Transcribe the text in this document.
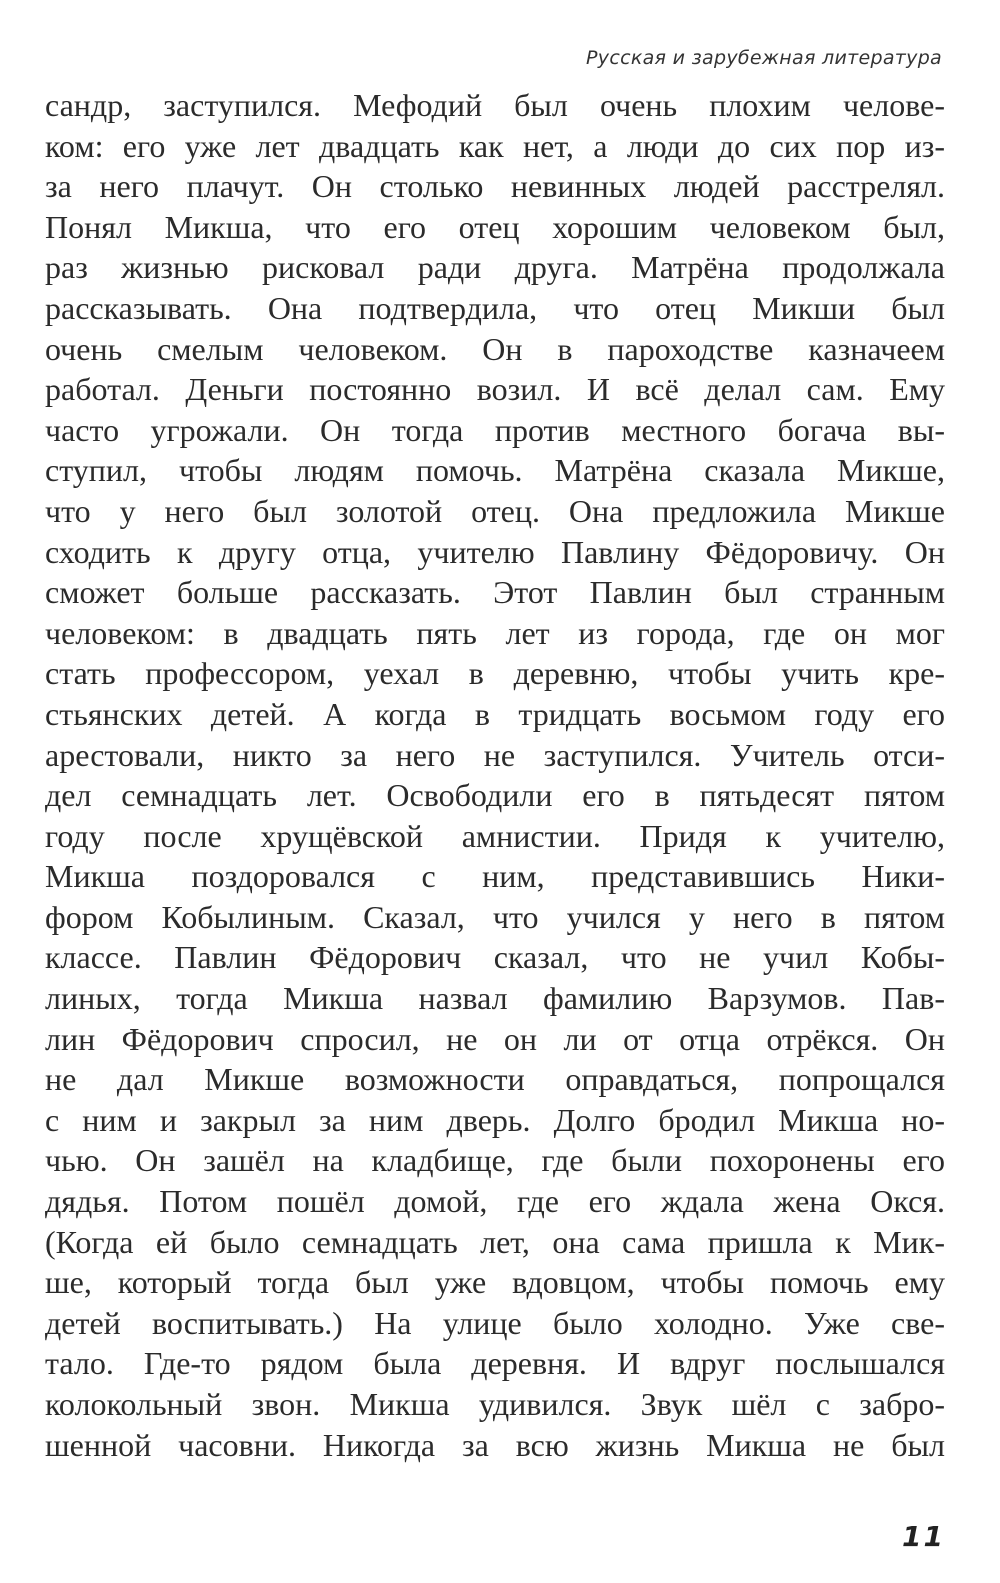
Русская и зарубежная литература
сандр, заступился. Мефодий был очень плохим челове-
ком: его уже лет двадцать как нет, а люди до сих пор из-
за него плачут. Он столько невинных людей расстрелял.
Понял Микша, что его отец хорошим человеком был,
раз жизнью рисковал ради друга. Матрёна продолжала
рассказывать. Она подтвердила, что отец Микши был
очень смелым человеком. Он в пароходстве казначеем
работал. Деньги постоянно возил. И всё делал сам. Ему
часто угрожали. Он тогда против местного богача вы-
ступил, чтобы людям помочь. Матрёна сказала Микше,
что у него был золотой отец. Она предложила Микше
сходить к другу отца, учителю Павлину Фёдоровичу. Он
сможет больше рассказать. Этот Павлин был странным
человеком: в двадцать пять лет из города, где он мог
стать профессором, уехал в деревню, чтобы учить кре-
стьянских детей. А когда в тридцать восьмом году его
арестовали, никто за него не заступился. Учитель отси-
дел семнадцать лет. Освободили его в пятьдесят пятом
году после хрущёвской амнистии. Придя к учителю,
Микша поздоровался с ним, представившись Ники-
фором Кобылиным. Сказал, что учился у него в пятом
классе. Павлин Фёдорович сказал, что не учил Кобы-
линых, тогда Микша назвал фамилию Варзумов. Пав-
лин Фёдорович спросил, не он ли от отца отрёкся. Он
не дал Микше возможности оправдаться, попрощался
с ним и закрыл за ним дверь. Долго бродил Микша но-
чью. Он зашёл на кладбище, где были похоронены его
дядья. Потом пошёл домой, где его ждала жена Окся.
(Когда ей было семнадцать лет, она сама пришла к Мик-
ше, который тогда был уже вдовцом, чтобы помочь ему
детей воспитывать.) На улице было холодно. Уже све-
тало. Где-то рядом была деревня. И вдруг послышался
колокольный звон. Микша удивился. Звук шёл с забро-
шенной часовни. Никогда за всю жизнь Микша не был
11
